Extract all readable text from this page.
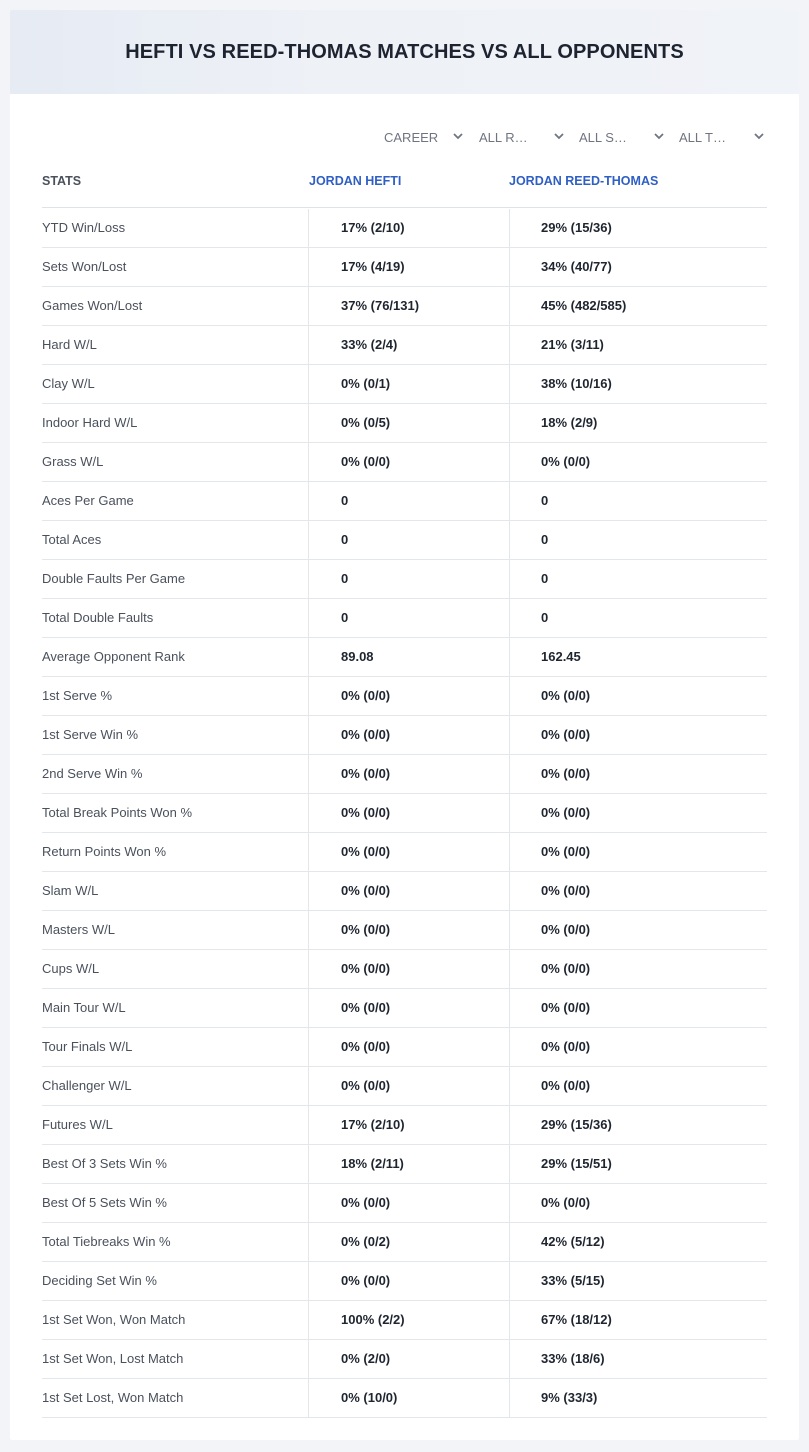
HEFTI VS REED-THOMAS MATCHES VS ALL OPPONENTS
CAREER	ALL R…	ALL S…	ALL T…
STATS	JORDAN HEFTI	JORDAN REED-THOMAS
YTD Win/Loss	17% (2/10)	29% (15/36)
Sets Won/Lost	17% (4/19)	34% (40/77)
Games Won/Lost	37% (76/131)	45% (482/585)
Hard W/L	33% (2/4)	21% (3/11)
Clay W/L	0% (0/1)	38% (10/16)
Indoor Hard W/L	0% (0/5)	18% (2/9)
Grass W/L	0% (0/0)	0% (0/0)
Aces Per Game	0	0
Total Aces	0	0
Double Faults Per Game	0	0
Total Double Faults	0	0
Average Opponent Rank	89.08	162.45
1st Serve %	0% (0/0)	0% (0/0)
1st Serve Win %	0% (0/0)	0% (0/0)
2nd Serve Win %	0% (0/0)	0% (0/0)
Total Break Points Won %	0% (0/0)	0% (0/0)
Return Points Won %	0% (0/0)	0% (0/0)
Slam W/L	0% (0/0)	0% (0/0)
Masters W/L	0% (0/0)	0% (0/0)
Cups W/L	0% (0/0)	0% (0/0)
Main Tour W/L	0% (0/0)	0% (0/0)
Tour Finals W/L	0% (0/0)	0% (0/0)
Challenger W/L	0% (0/0)	0% (0/0)
Futures W/L	17% (2/10)	29% (15/36)
Best Of 3 Sets Win %	18% (2/11)	29% (15/51)
Best Of 5 Sets Win %	0% (0/0)	0% (0/0)
Total Tiebreaks Win %	0% (0/2)	42% (5/12)
Deciding Set Win %	0% (0/0)	33% (5/15)
1st Set Won, Won Match	100% (2/2)	67% (18/12)
1st Set Won, Lost Match	0% (2/0)	33% (18/6)
1st Set Lost, Won Match	0% (10/0)	9% (33/3)
